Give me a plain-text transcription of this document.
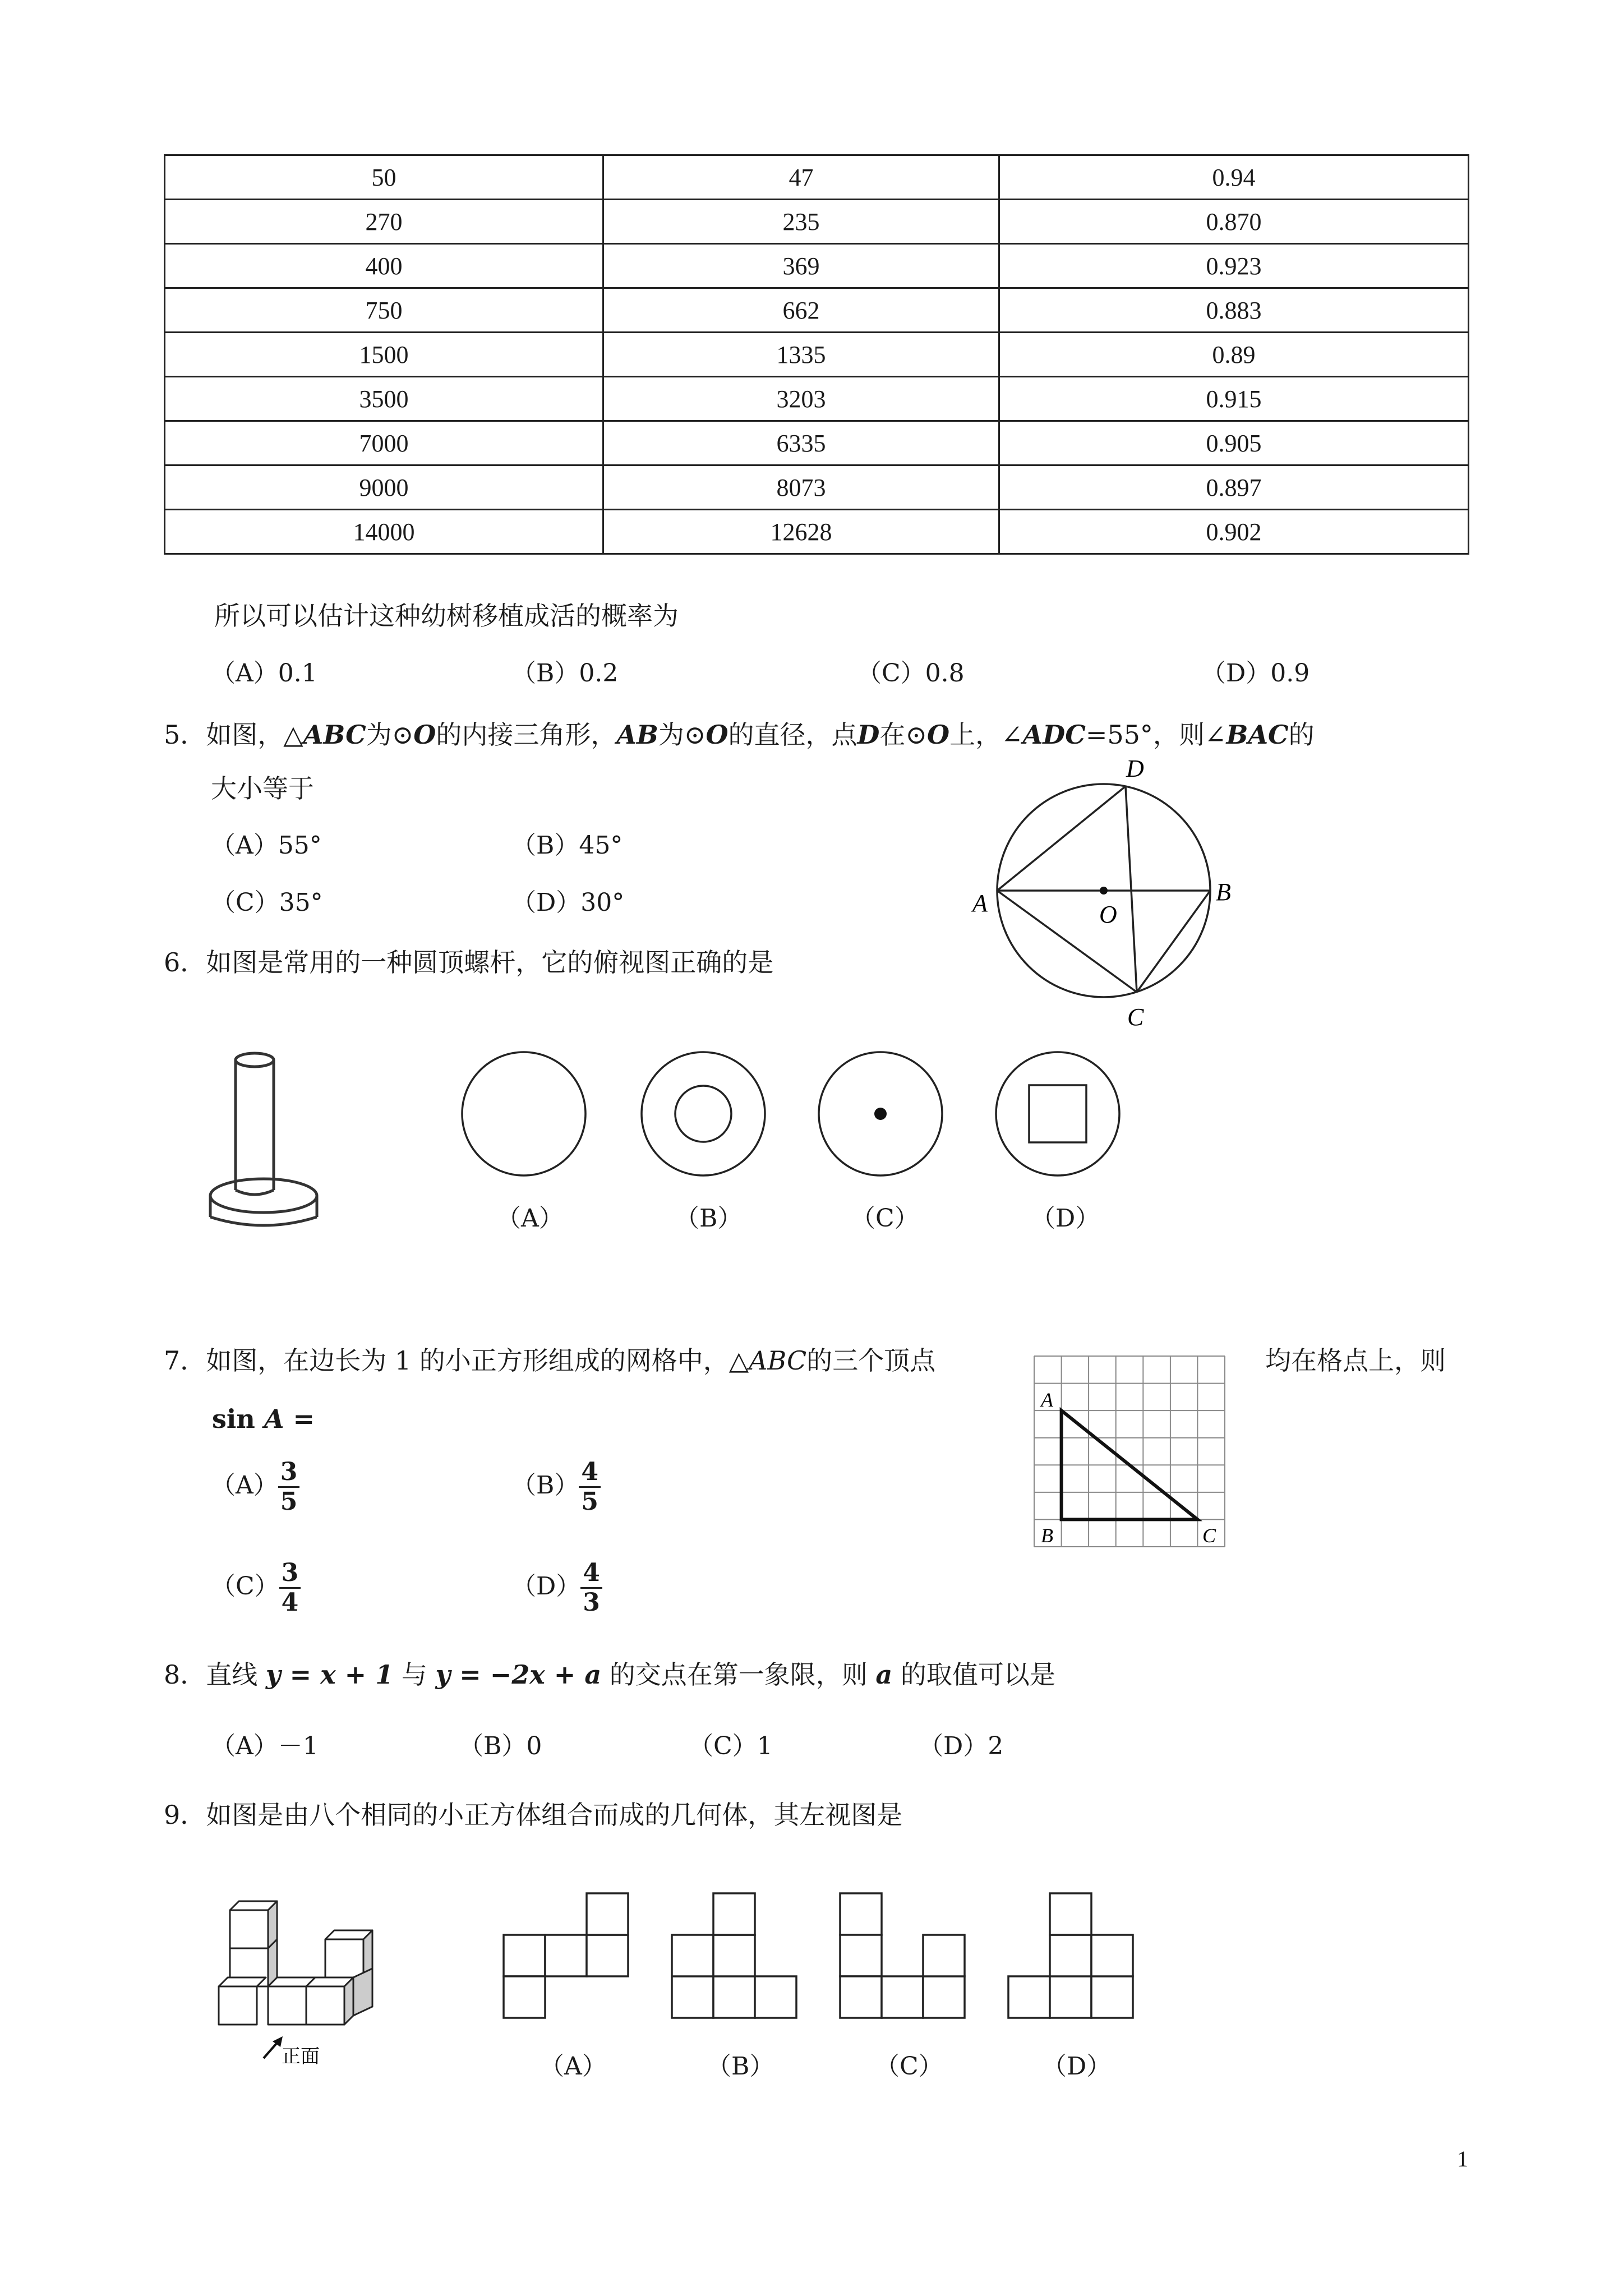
50	47	0.94
270	235	0.870
400	369	0.923
750	662	0.883
1500	1335	0.89
3500	3203	0.915
7000	6335	0.905
9000	8073	0.897
14000	12628	0.902
所以可以估计这种幼树移植成活的概率为
（A）0.1	（B）0.2	（C）0.8	（D）0.9
5．如图，△ABC为⊙O的内接三角形，AB为⊙O的直径，点D在⊙O上，∠ADC=55°，则∠BAC的
大小等于
（A）55°	（B）45°
（C）35°	（D）30°	A	B
C
D
O
6．如图是常用的一种圆顶螺杆，它的俯视图正确的是
（A）	（B）	（C）	（D）
7．如图，在边长为 1 的小正方形组成的网格中，△ABC的三个顶点	均在格点上，则
sin A =
A
B	C
$(A) \frac{3}{5}$	$(B) \frac{4}{5}$
$(C) \frac{3}{4}$	$(D) \frac{4}{3}$
8．直线 y = x + 1 与 y = −2x + a 的交点在第一象限，则 a 的取值可以是
（A）－1	（B）0	（C）1	（D）2
9．如图是由八个相同的小正方体组合而成的几何体，其左视图是
正面	（A）	（B）	（C）	（D）
1
